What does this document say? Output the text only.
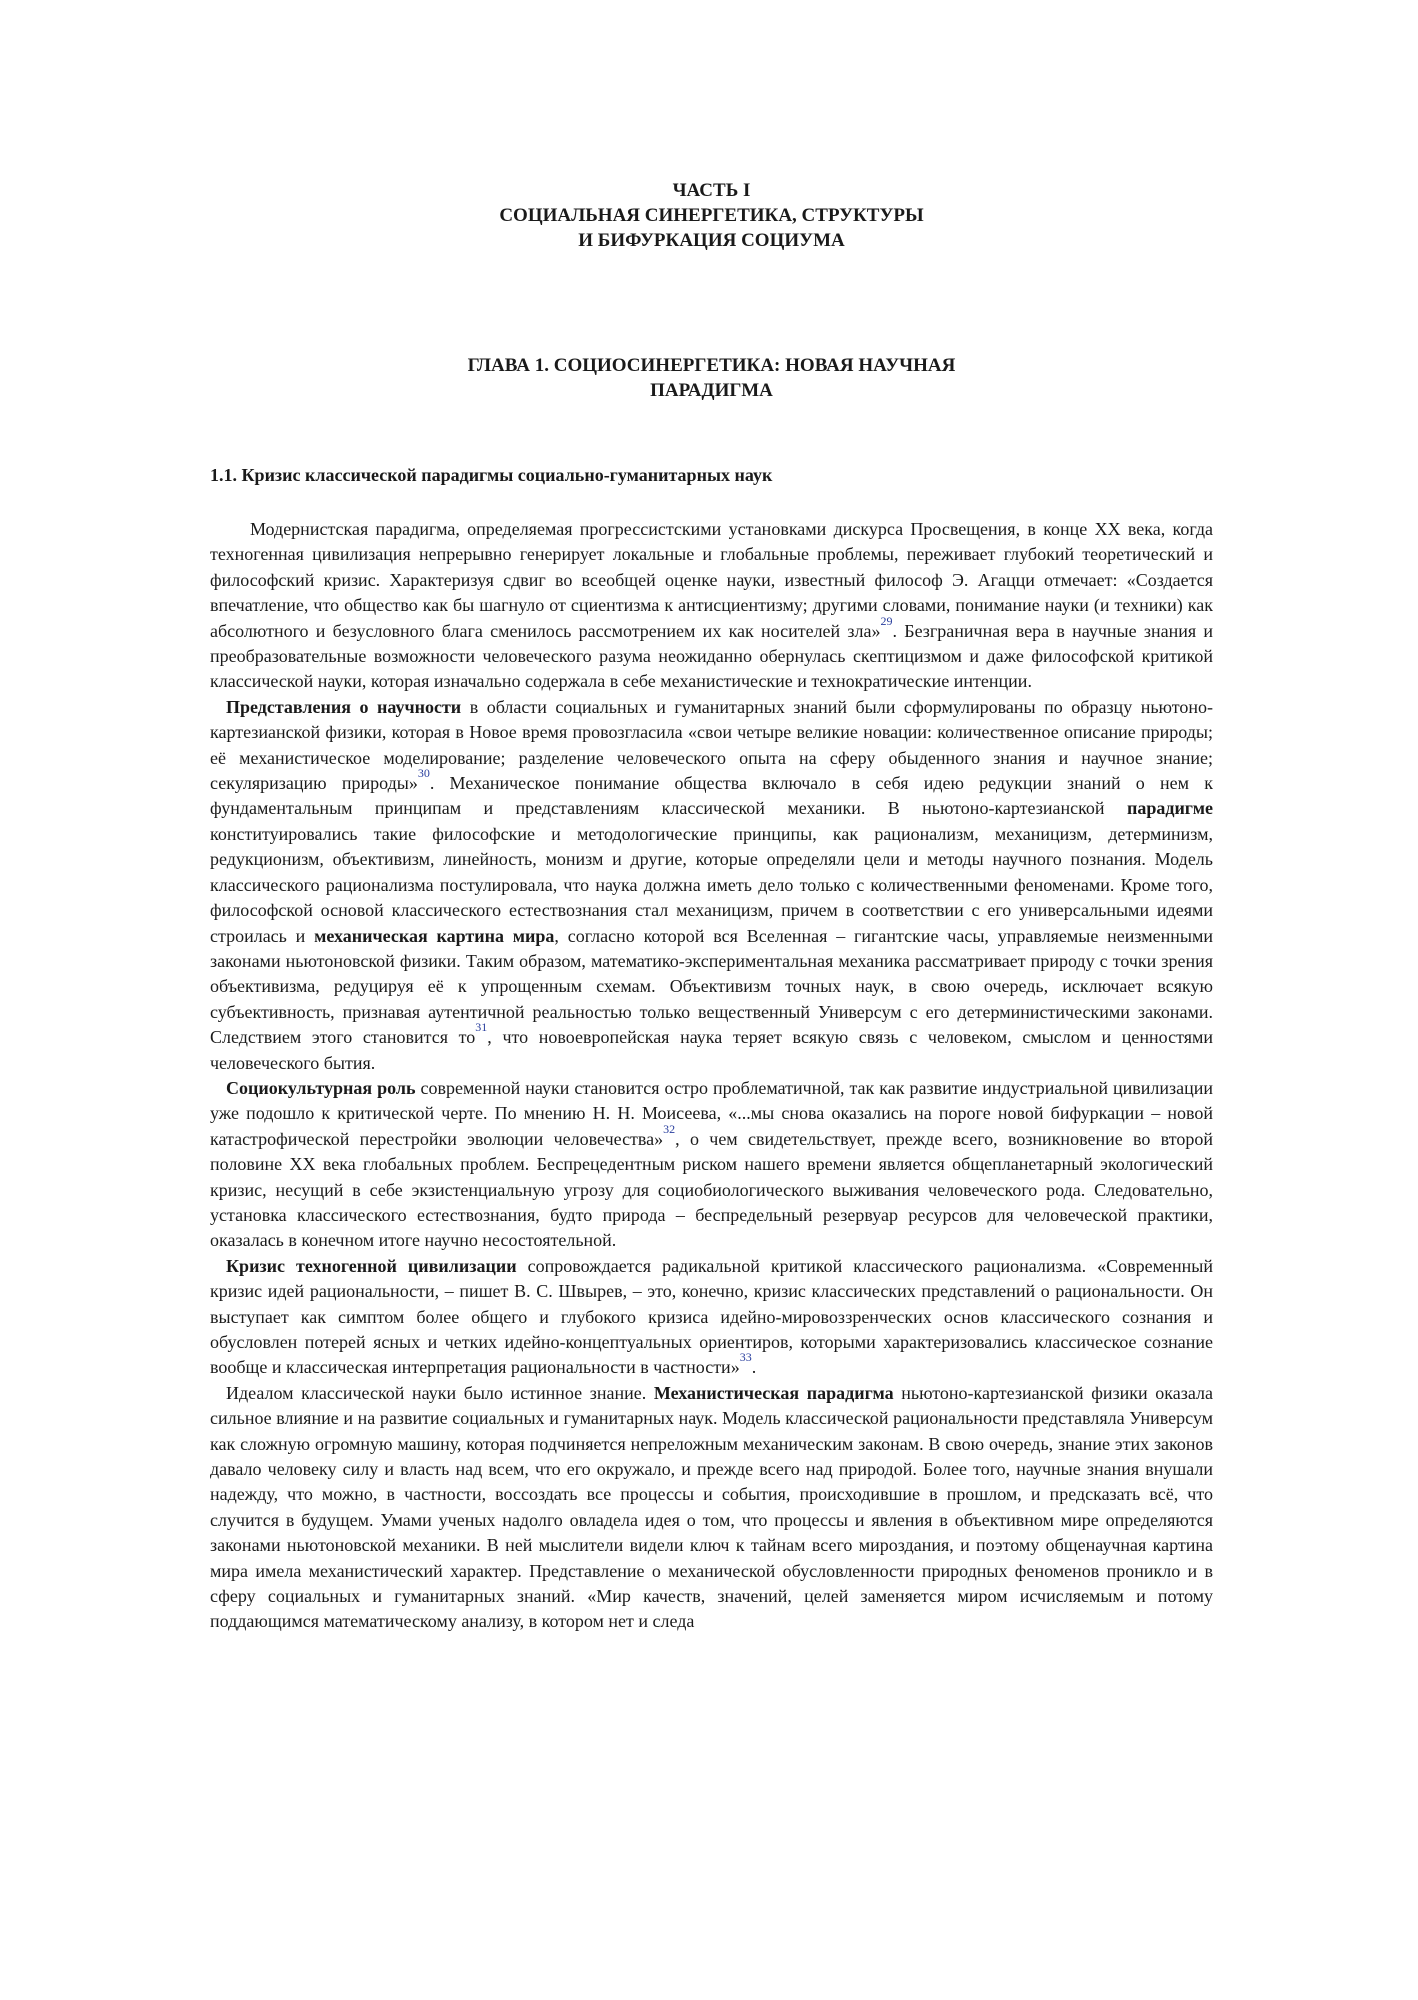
ЧАСТЬ I
СОЦИАЛЬНАЯ СИНЕРГЕТИКА, СТРУКТУРЫ
И БИФУРКАЦИЯ СОЦИУМА
ГЛАВА 1. СОЦИОСИНЕРГЕТИКА: НОВАЯ НАУЧНАЯ
ПАРАДИГМА
1.1. Кризис классической парадигмы социально-гуманитарных наук

Модернистская парадигма, определяемая прогрессистскими установками дискурса Просвещения, в конце XX века, когда техногенная цивилизация непрерывно генерирует локальные и глобальные проблемы, переживает глубокий теоретический и философский кризис. Характеризуя сдвиг во всеобщей оценке науки, известный философ Э. Агацци отмечает: «Создается впечатление, что общество как бы шагнуло от сциентизма к антисциентизму; другими словами, понимание науки (и техники) как абсолютного и безусловного блага сменилось рассмотрением их как носителей зла»$^{29}$. Безграничная вера в научные знания и преобразовательные возможности человеческого разума неожиданно обернулась скептицизмом и даже философской критикой классической науки, которая изначально содержала в себе механистические и технократические интенции.

Представления о научности в области социальных и гуманитарных знаний были сформулированы по образцу ньютоно-картезианской физики, которая в Новое время провозгласила «свои четыре великие новации: количественное описание природы; её механистическое моделирование; разделение человеческого опыта на сферу обыденного знания и научное знание; секуляризацию природы»$^{30}$. Механическое понимание общества включало в себя идею редукции знаний о нем к фундаментальным принципам и представлениям классической механики. В ньютоно-картезианской парадигме конституировались такие философские и методологические принципы, как рационализм, механицизм, детерминизм, редукционизм, объективизм, линейность, монизм и другие, которые определяли цели и методы научного познания. Модель классического рационализма постулировала, что наука должна иметь дело только с количественными феноменами. Кроме того, философской основой классического естествознания стал механицизм, причем в соответствии с его универсальными идеями строилась и механическая картина мира, согласно которой вся Вселенная – гигантские часы, управляемые неизменными законами ньютоновской физики. Таким образом, математико-экспериментальная механика рассматривает природу с точки зрения объективизма, редуцируя её к упрощенным схемам. Объективизм точных наук, в свою очередь, исключает всякую субъективность, признавая аутентичной реальностью только вещественный Универсум с его детерминистическими законами. Следствием этого становится то$^{31}$, что новоевропейская наука теряет всякую связь с человеком, смыслом и ценностями человеческого бытия.

Социокультурная роль современной науки становится остро проблематичной, так как развитие индустриальной цивилизации уже подошло к критической черте. По мнению Н. Н. Моисеева, «...мы снова оказались на пороге новой бифуркации – новой катастрофической перестройки эволюции человечества»$^{32}$, о чем свидетельствует, прежде всего, возникновение во второй половине XX века глобальных проблем. Беспрецедентным риском нашего времени является общепланетарный экологический кризис, несущий в себе экзистенциальную угрозу для социобиологического выживания человеческого рода. Следовательно, установка классического естествознания, будто природа – беспредельный резервуар ресурсов для человеческой практики, оказалась в конечном итоге научно несостоятельной.

Кризис техногенной цивилизации сопровождается радикальной критикой классического рационализма. «Современный кризис идей рациональности, – пишет В. С. Швырев, – это, конечно, кризис классических представлений о рациональности. Он выступает как симптом более общего и глубокого кризиса идейно-мировоззренческих основ классического сознания и обусловлен потерей ясных и четких идейно-концептуальных ориентиров, которыми характеризовались классическое сознание вообще и классическая интерпретация рациональности в частности»$^{33}$.

Идеалом классической науки было истинное знание. Механистическая парадигма ньютоно-картезианской физики оказала сильное влияние и на развитие социальных и гуманитарных наук. Модель классической рациональности представляла Универсум как сложную огромную машину, которая подчиняется непреложным механическим законам. В свою очередь, знание этих законов давало человеку силу и власть над всем, что его окружало, и прежде всего над природой. Более того, научные знания внушали надежду, что можно, в частности, воссоздать все процессы и события, происходившие в прошлом, и предсказать всё, что случится в будущем. Умами ученых надолго овладела идея о том, что процессы и явления в объективном мире определяются законами ньютоновской механики. В ней мыслители видели ключ к тайнам всего мироздания, и поэтому общенаучная картина мира имела механистический характер. Представление о механической обусловленности природных феноменов проникло и в сферу социальных и гуманитарных знаний. «Мир качеств, значений, целей заменяется миром исчисляемым и потому поддающимся математическому анализу, в котором нет и следа
